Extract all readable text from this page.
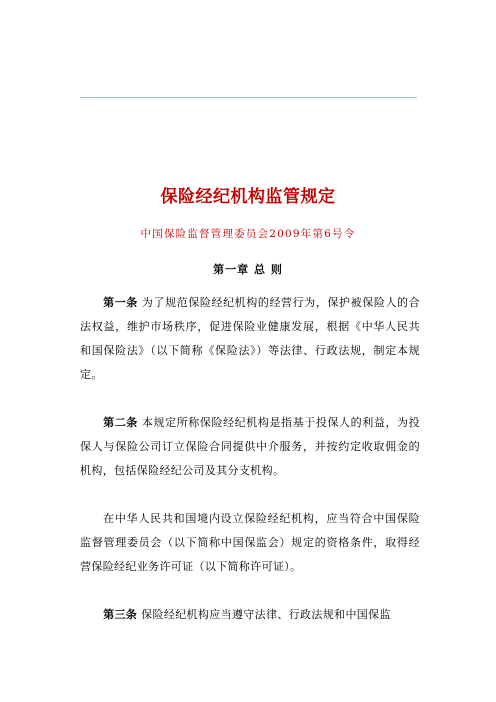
保险经纪机构监管规定
中国保险监督管理委员会2009年第6号令
第一章 总 则
第一条 为了规范保险经纪机构的经营行为，保护被保险人的合法权益，维护市场秩序，促进保险业健康发展，根据《中华人民共和国保险法》（以下简称《保险法》）等法律、行政法规，制定本规定。
第二条 本规定所称保险经纪机构是指基于投保人的利益，为投保人与保险公司订立保险合同提供中介服务，并按约定收取佣金的机构，包括保险经纪公司及其分支机构。
在中华人民共和国境内设立保险经纪机构，应当符合中国保险监督管理委员会（以下简称中国保监会）规定的资格条件，取得经营保险经纪业务许可证（以下简称许可证）。
第三条 保险经纪机构应当遵守法律、行政法规和中国保监
